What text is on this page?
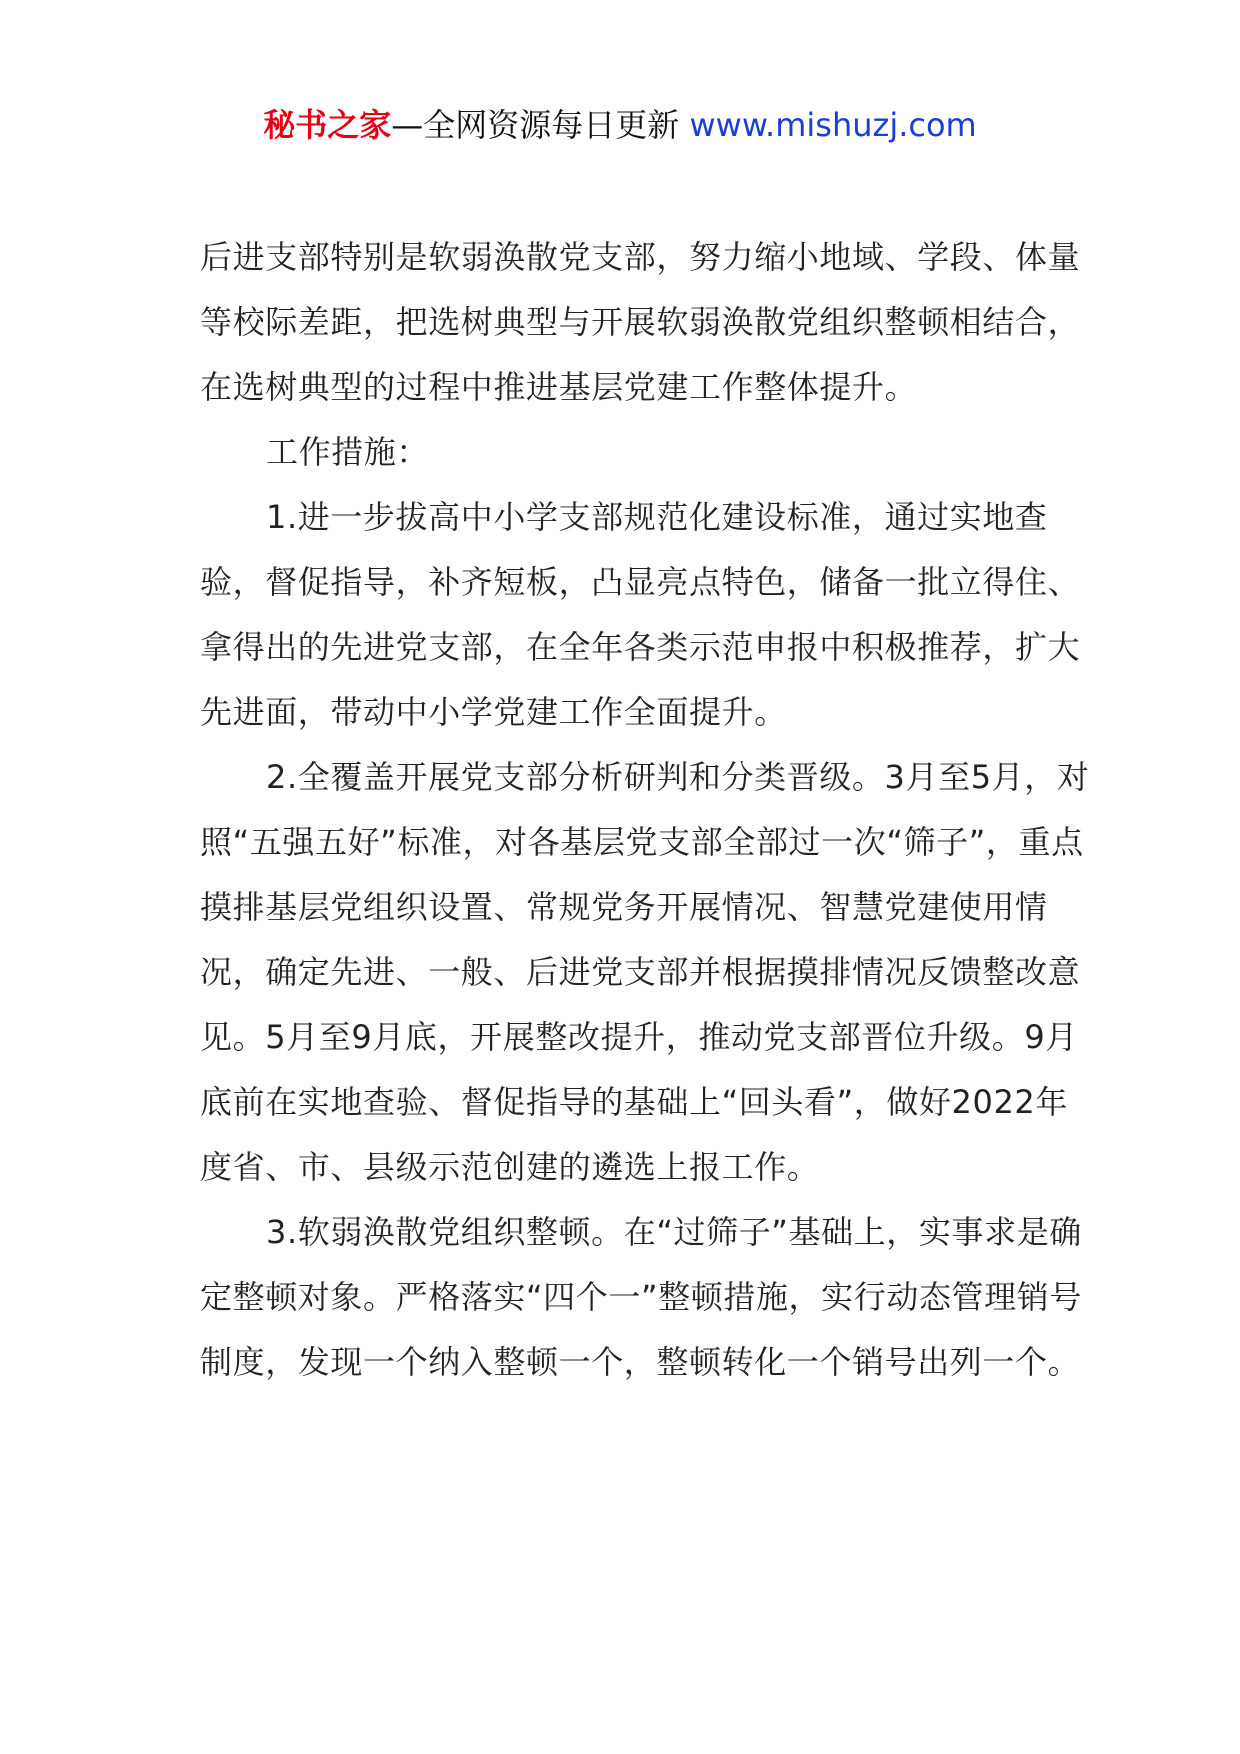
秘书之家—全网资源每日更新 www.mishuzj.com

后进支部特别是软弱涣散党支部，努力缩小地域、学段、体量等校际差距，把选树典型与开展软弱涣散党组织整顿相结合，在选树典型的过程中推进基层党建工作整体提升。

工作措施：

1.进一步拔高中小学支部规范化建设标准，通过实地查验，督促指导，补齐短板，凸显亮点特色，储备一批立得住、拿得出的先进党支部，在全年各类示范申报中积极推荐，扩大先进面，带动中小学党建工作全面提升。

2.全覆盖开展党支部分析研判和分类晋级。3月至5月，对照“五强五好”标准，对各基层党支部全部过一次“筛子”，重点摸排基层党组织设置、常规党务开展情况、智慧党建使用情况，确定先进、一般、后进党支部并根据摸排情况反馈整改意见。5月至9月底，开展整改提升，推动党支部晋位升级。9月底前在实地查验、督促指导的基础上“回头看”，做好2022年度省、市、县级示范创建的遴选上报工作。

3.软弱涣散党组织整顿。在“过筛子”基础上，实事求是确定整顿对象。严格落实“四个一”整顿措施，实行动态管理销号制度，发现一个纳入整顿一个，整顿转化一个销号出列一个。
